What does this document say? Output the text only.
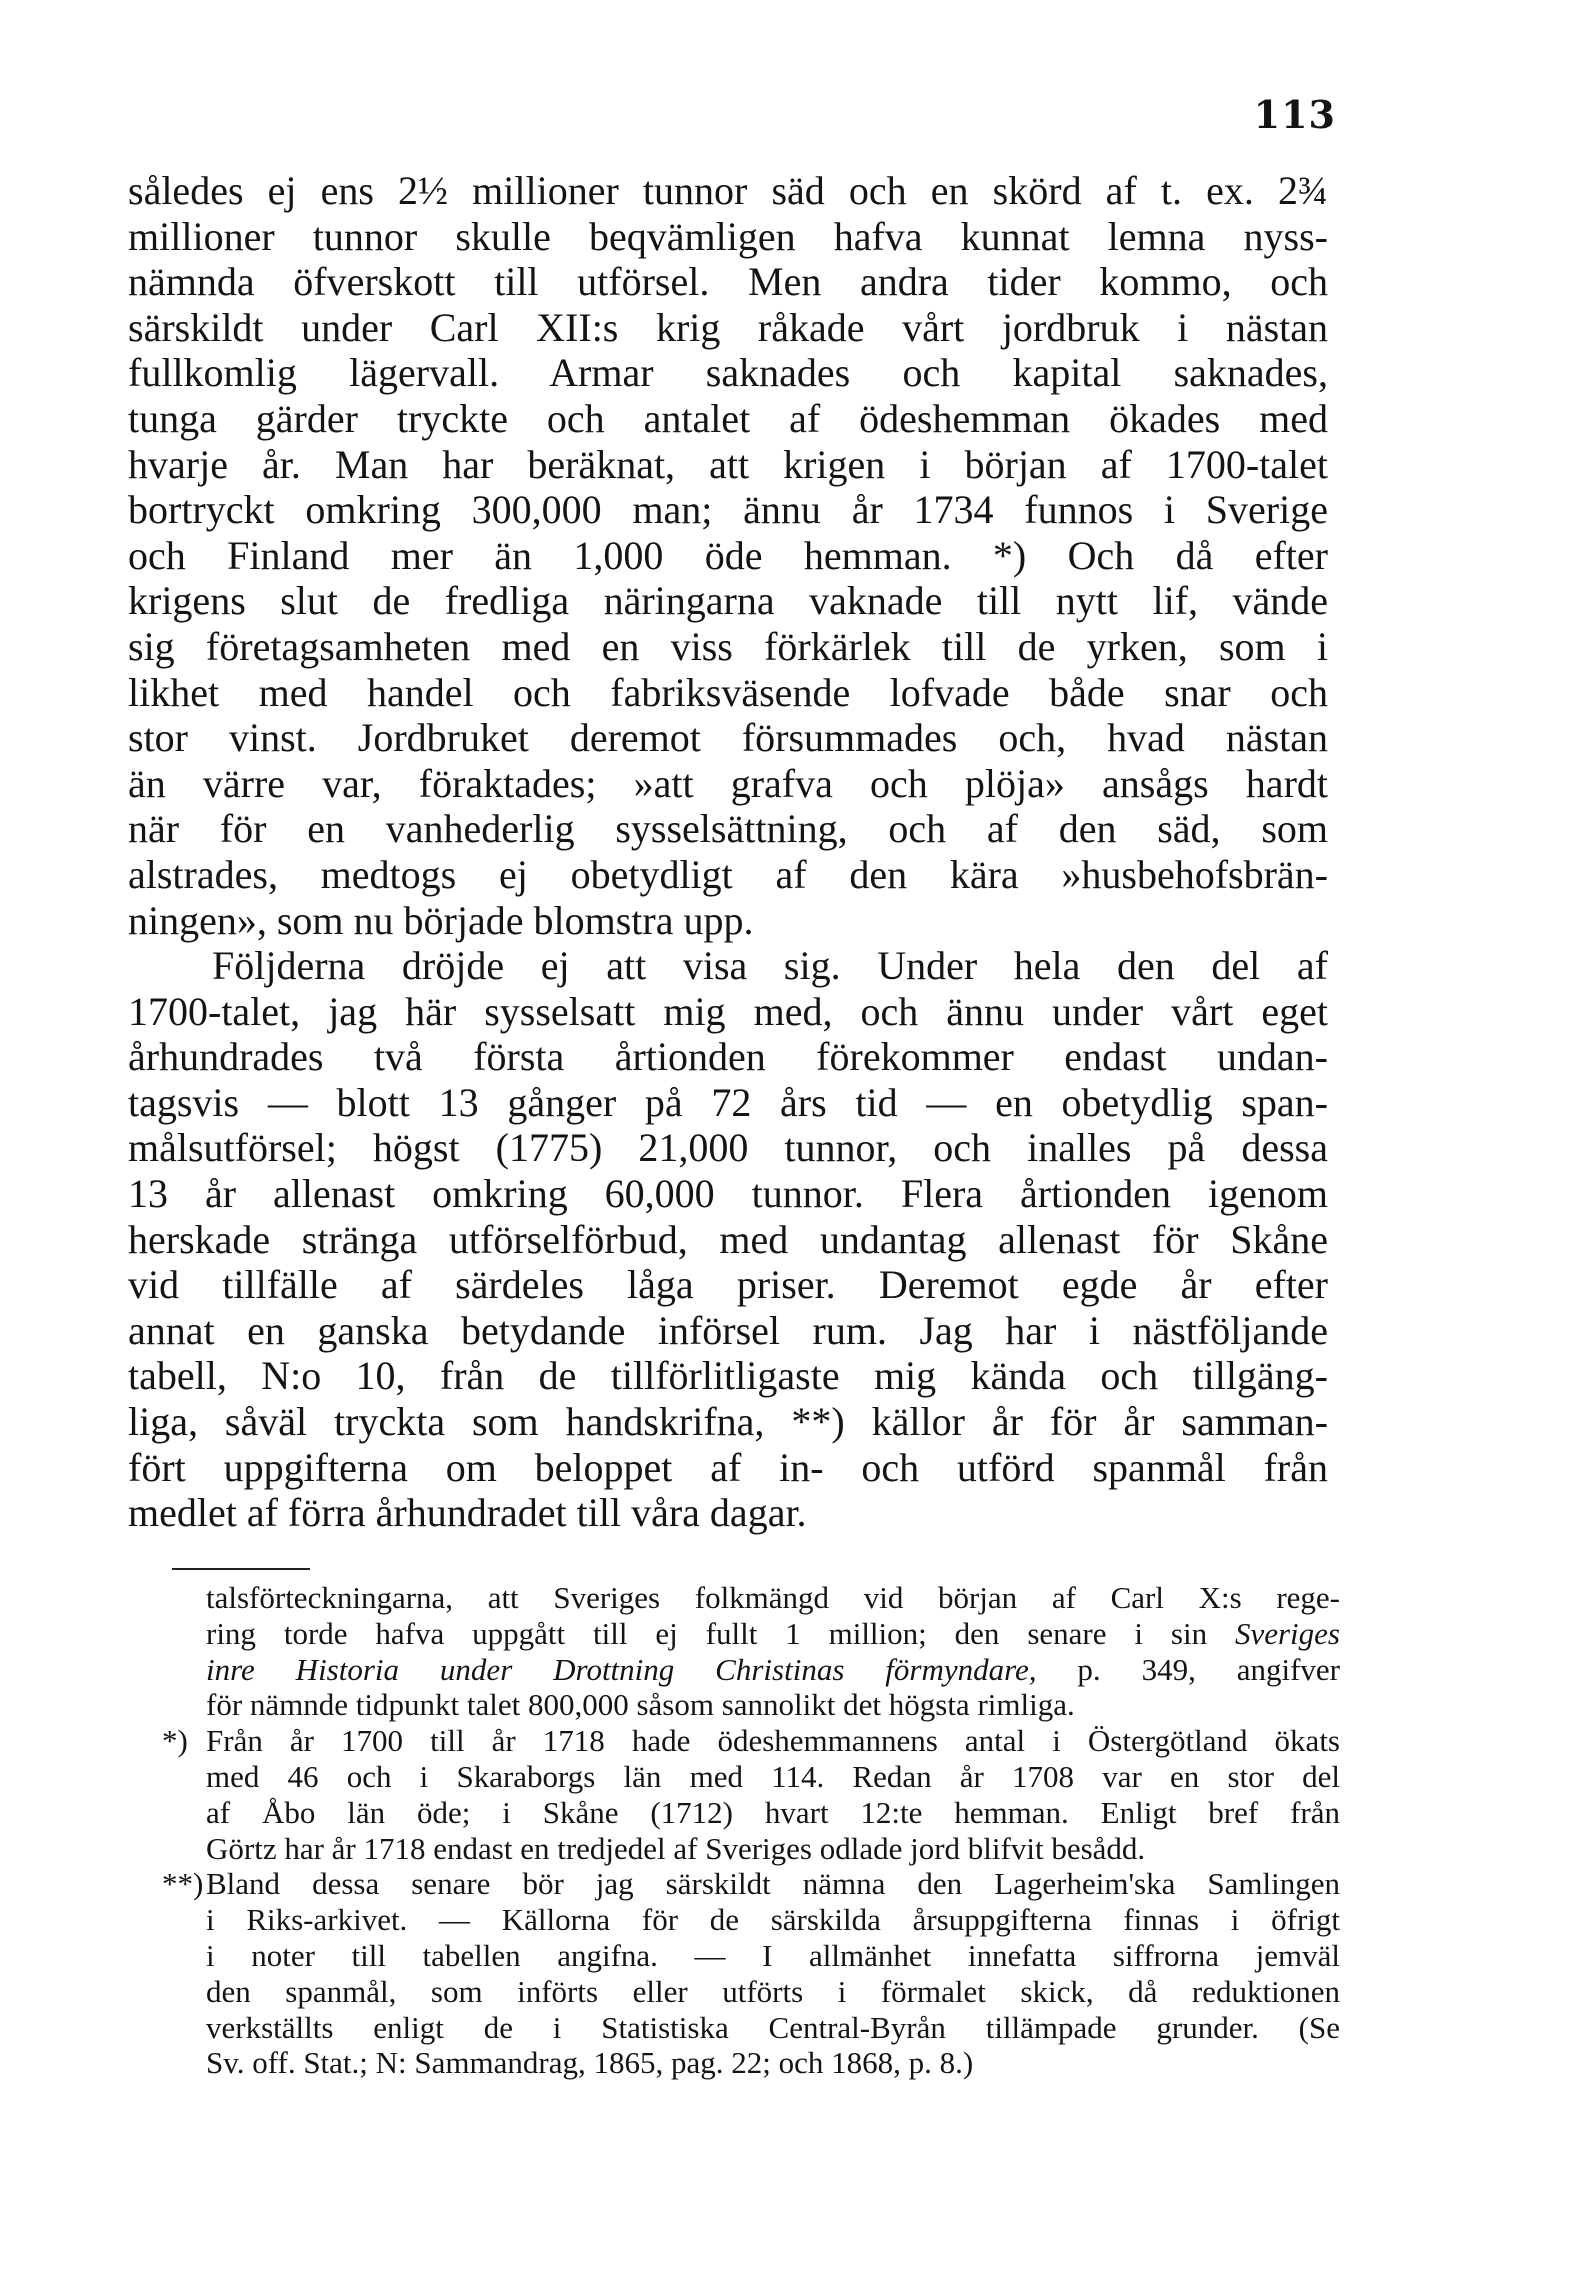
113
således ej ens 2½ millioner tunnor säd och en skörd af t. ex. 2¾
millioner tunnor skulle beqvämligen hafva kunnat lemna nyss-
nämnda öfverskott till utförsel. Men andra tider kommo, och
särskildt under Carl XII:s krig råkade vårt jordbruk i nästan
fullkomlig lägervall. Armar saknades och kapital saknades,
tunga gärder tryckte och antalet af ödeshemman ökades med
hvarje år. Man har beräknat, att krigen i början af 1700-talet
bortryckt omkring 300,000 man; ännu år 1734 funnos i Sverige
och Finland mer än 1,000 öde hemman. *) Och då efter
krigens slut de fredliga näringarna vaknade till nytt lif, vände
sig företagsamheten med en viss förkärlek till de yrken, som i
likhet med handel och fabriksväsende lofvade både snar och
stor vinst. Jordbruket deremot försummades och, hvad nästan
än värre var, föraktades; »att grafva och plöja» ansågs hardt
när för en vanhederlig sysselsättning, och af den säd, som
alstrades, medtogs ej obetydligt af den kära »husbehofsbrän-
ningen», som nu började blomstra upp.
Följderna dröjde ej att visa sig. Under hela den del af
1700-talet, jag här sysselsatt mig med, och ännu under vårt eget
århundrades två första årtionden förekommer endast undan-
tagsvis — blott 13 gånger på 72 års tid — en obetydlig span-
målsutförsel; högst (1775) 21,000 tunnor, och inalles på dessa
13 år allenast omkring 60,000 tunnor. Flera årtionden igenom
herskade stränga utförselförbud, med undantag allenast för Skåne
vid tillfälle af särdeles låga priser. Deremot egde år efter
annat en ganska betydande införsel rum. Jag har i nästföljande
tabell, N:o 10, från de tillförlitligaste mig kända och tillgäng-
liga, såväl tryckta som handskrifna, **) källor år för år samman-
fört uppgifterna om beloppet af in- och utförd spanmål från
medlet af förra århundradet till våra dagar.
talsförteckningarna, att Sveriges folkmängd vid början af Carl X:s rege-
ring torde hafva uppgått till ej fullt 1 million; den senare i sin Sveriges
inre Historia under Drottning Christinas förmyndare, p. 349, angifver
för nämnde tidpunkt talet 800,000 såsom sannolikt det högsta rimliga.
*) Från år 1700 till år 1718 hade ödeshemmannens antal i Östergötland ökats
med 46 och i Skaraborgs län med 114. Redan år 1708 var en stor del
af Åbo län öde; i Skåne (1712) hvart 12:te hemman. Enligt bref från
Görtz har år 1718 endast en tredjedel af Sveriges odlade jord blifvit besådd.
**) Bland dessa senare bör jag särskildt nämna den Lagerheim'ska Samlingen
i Riks-arkivet. — Källorna för de särskilda årsuppgifterna finnas i öfrigt
i noter till tabellen angifna. — I allmänhet innefatta siffrorna jemväl
den spanmål, som införts eller utförts i förmalet skick, då reduktionen
verkställts enligt de i Statistiska Central-Byrån tillämpade grunder. (Se
Sv. off. Stat.; N: Sammandrag, 1865, pag. 22; och 1868, p. 8.)
